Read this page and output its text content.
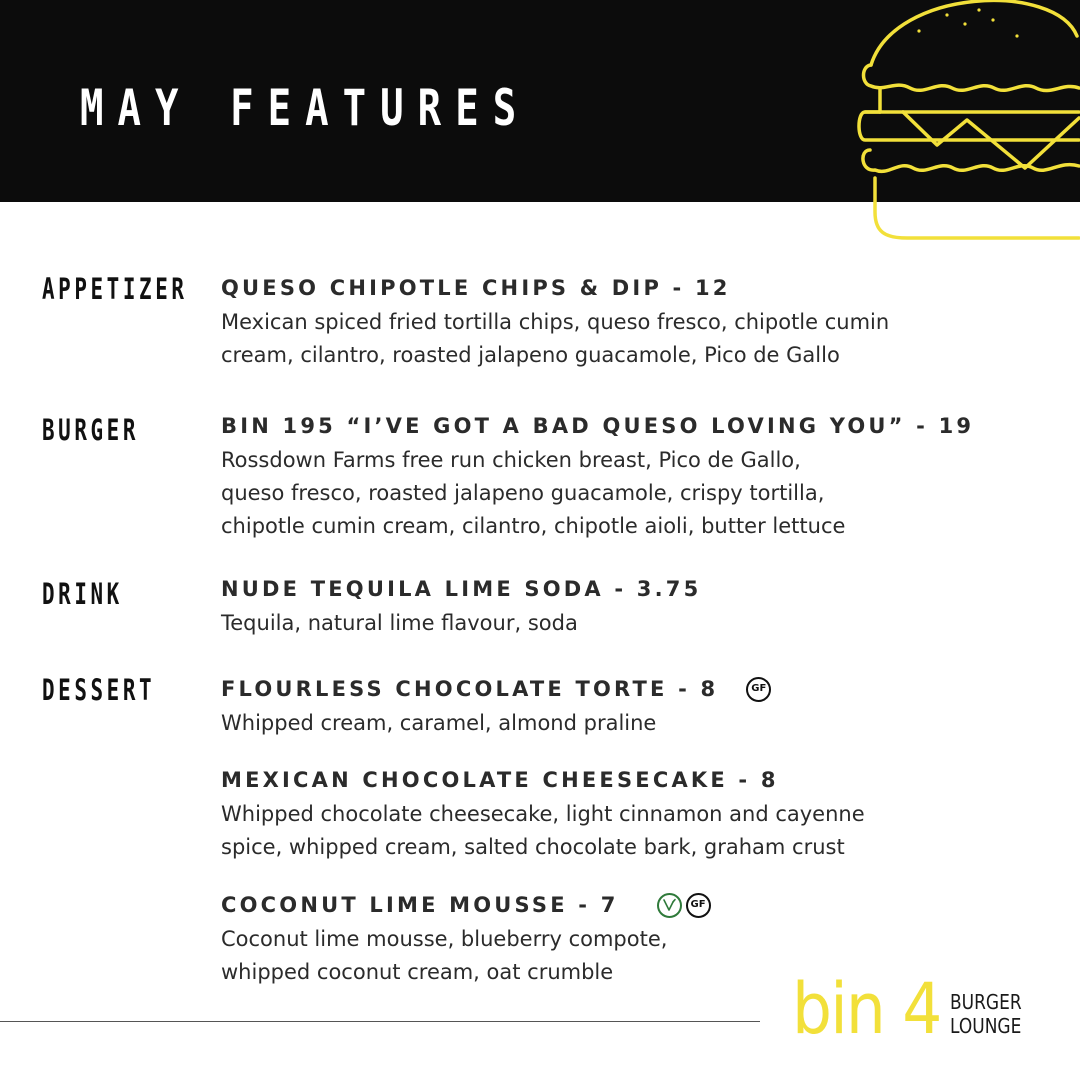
MAY FEATURES
APPETIZER QUESO CHIPOTLE CHIPS & DIP - 12
Mexican spiced fried tortilla chips, queso fresco, chipotle cumin
cream, cilantro, roasted jalapeno guacamole, Pico de Gallo
BURGER	BIN 195 “I’VE GOT A BAD QUESO LOVING YOU” - 19
Rossdown Farms free run chicken breast, Pico de Gallo,
queso fresco, roasted jalapeno guacamole, crispy tortilla,
chipotle cumin cream, cilantro, chipotle aioli, butter lettuce
DRINK	NUDE TEQUILA LIME SODA - 3.75
Tequila, natural lime flavour, soda
DESSERT	FLOURLESS CHOCOLATE TORTE - 8	GF
Whipped cream, caramel, almond praline
MEXICAN CHOCOLATE CHEESECAKE - 8
Whipped chocolate cheesecake, light cinnamon and cayenne
spice, whipped cream, salted chocolate bark, graham crust
COCONUT LIME MOUSSE - 7	GF
Coconut lime mousse, blueberry compote,
whipped coconut cream, oat crumble	bin 4 BURGER
LOUNGE
